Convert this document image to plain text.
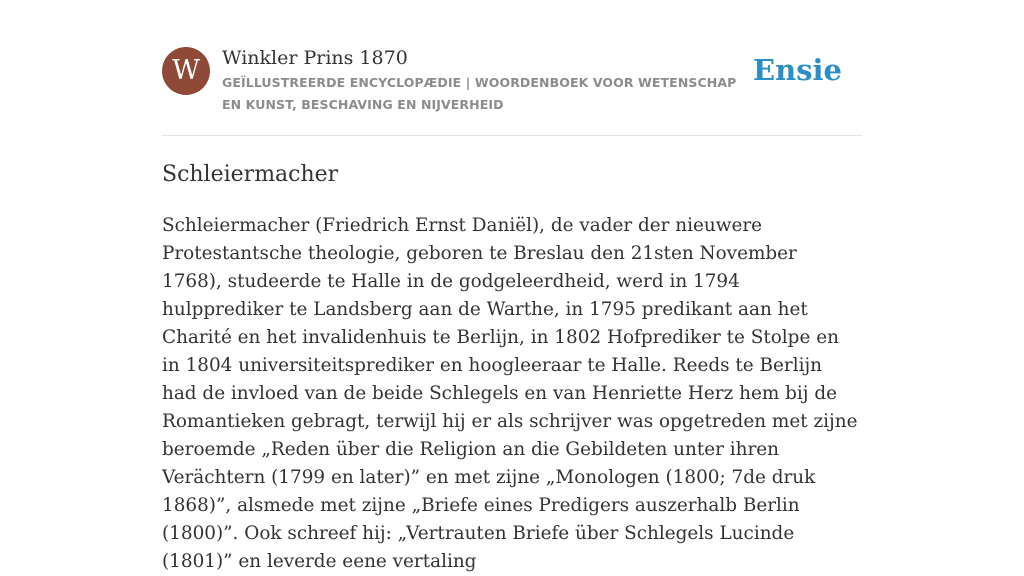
W	Winkler Prins 1870
GEÏLLUSTREERDE ENCYCLOPÆDIE | WOORDENBOEK VOOR WETENSCHAP EN KUNST, BESCHAVING EN NIJVERHEID
Ensie
Schleiermacher

Schleiermacher (Friedrich Ernst Daniël), de vader der nieuwere Protestantsche theologie, geboren te Breslau den 21sten November 1768), studeerde te Halle in de godgeleerdheid, werd in 1794 hulpprediker te Landsberg aan de Warthe, in 1795 predikant aan het Charité en het invalidenhuis te Berlijn, in 1802 Hofprediker te Stolpe en in 1804 universiteitsprediker en hoogleeraar te Halle. Reeds te Berlijn had de invloed van de beide Schlegels en van Henriette Herz hem bij de Romantieken gebragt, terwijl hij er als schrijver was opgetreden met zijne beroemde „Reden über die Religion an die Gebildeten unter ihren Verächtern (1799 en later)” en met zijne „Monologen (1800; 7de druk 1868)”, alsmede met zijne „Briefe eines Predigers auszerhalb Berlin (1800)”. Ook schreef hij: „Vertrauten Briefe über Schlegels Lucinde (1801)” en leverde eene vertaling
